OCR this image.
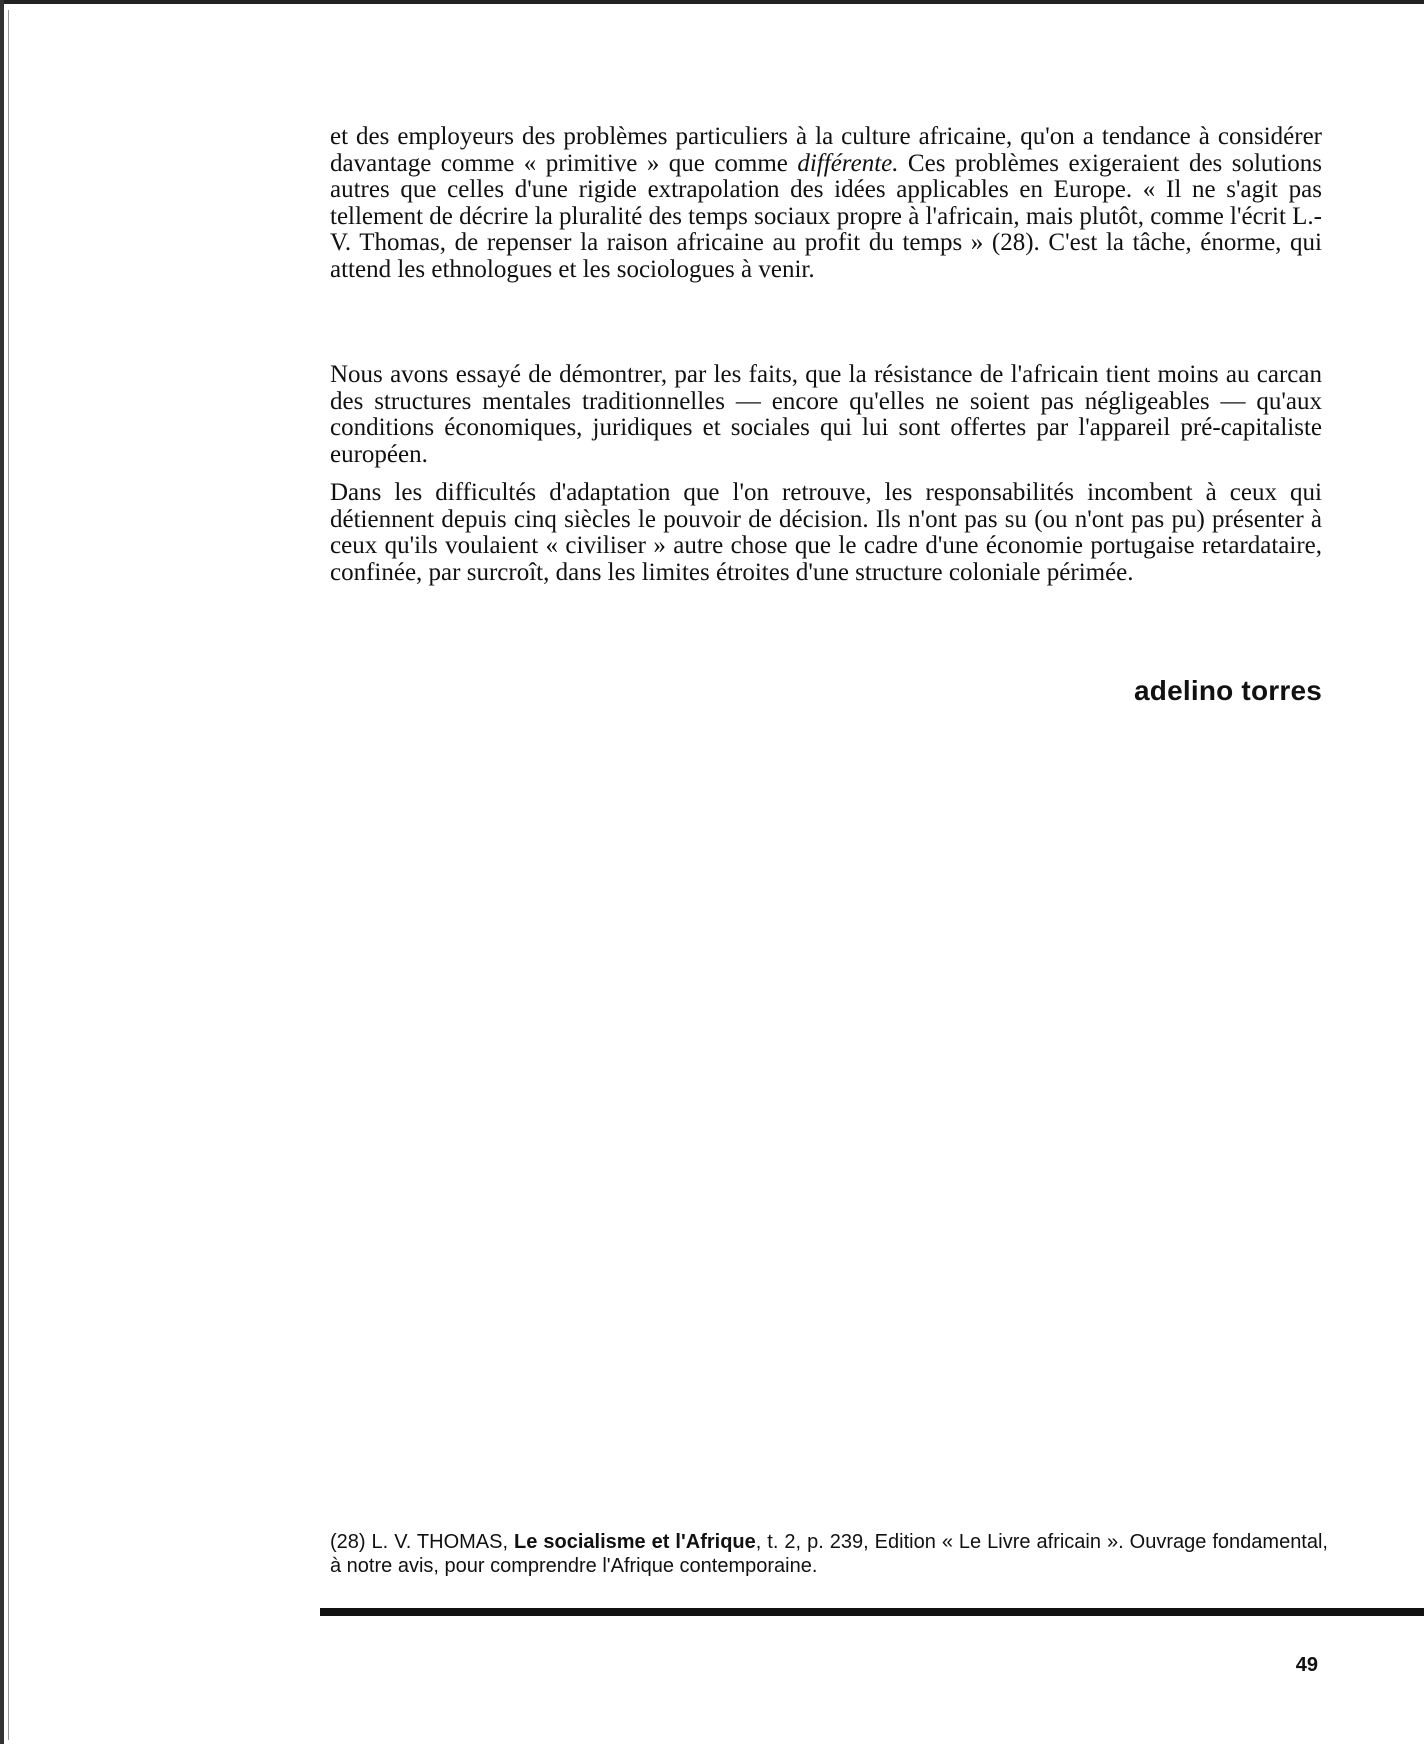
et des employeurs des problèmes particuliers à la culture africaine, qu'on a tendance à considérer davantage comme « primitive » que comme différente. Ces problèmes exigeraient des solutions autres que celles d'une rigide extrapolation des idées applicables en Europe. « Il ne s'agit pas tellement de décrire la pluralité des temps sociaux propre à l'africain, mais plutôt, comme l'écrit L.-V. Thomas, de repenser la raison africaine au profit du temps » (28). C'est la tâche, énorme, qui attend les ethnologues et les sociologues à venir.

Nous avons essayé de démontrer, par les faits, que la résistance de l'africain tient moins au carcan des structures mentales traditionnelles — encore qu'elles ne soient pas négligeables — qu'aux conditions économiques, juridiques et sociales qui lui sont offertes par l'appareil pré-capitaliste européen.

Dans les difficultés d'adaptation que l'on retrouve, les responsabilités incombent à ceux qui détiennent depuis cinq siècles le pouvoir de décision. Ils n'ont pas su (ou n'ont pas pu) présenter à ceux qu'ils voulaient « civiliser » autre chose que le cadre d'une économie portugaise retardataire, confinée, par surcroît, dans les limites étroites d'une structure coloniale périmée.

adelino torres

(28) L. V. THOMAS, Le socialisme et l'Afrique, t. 2, p. 239, Edition « Le Livre africain ». Ouvrage fondamental, à notre avis, pour comprendre l'Afrique contemporaine.

49
